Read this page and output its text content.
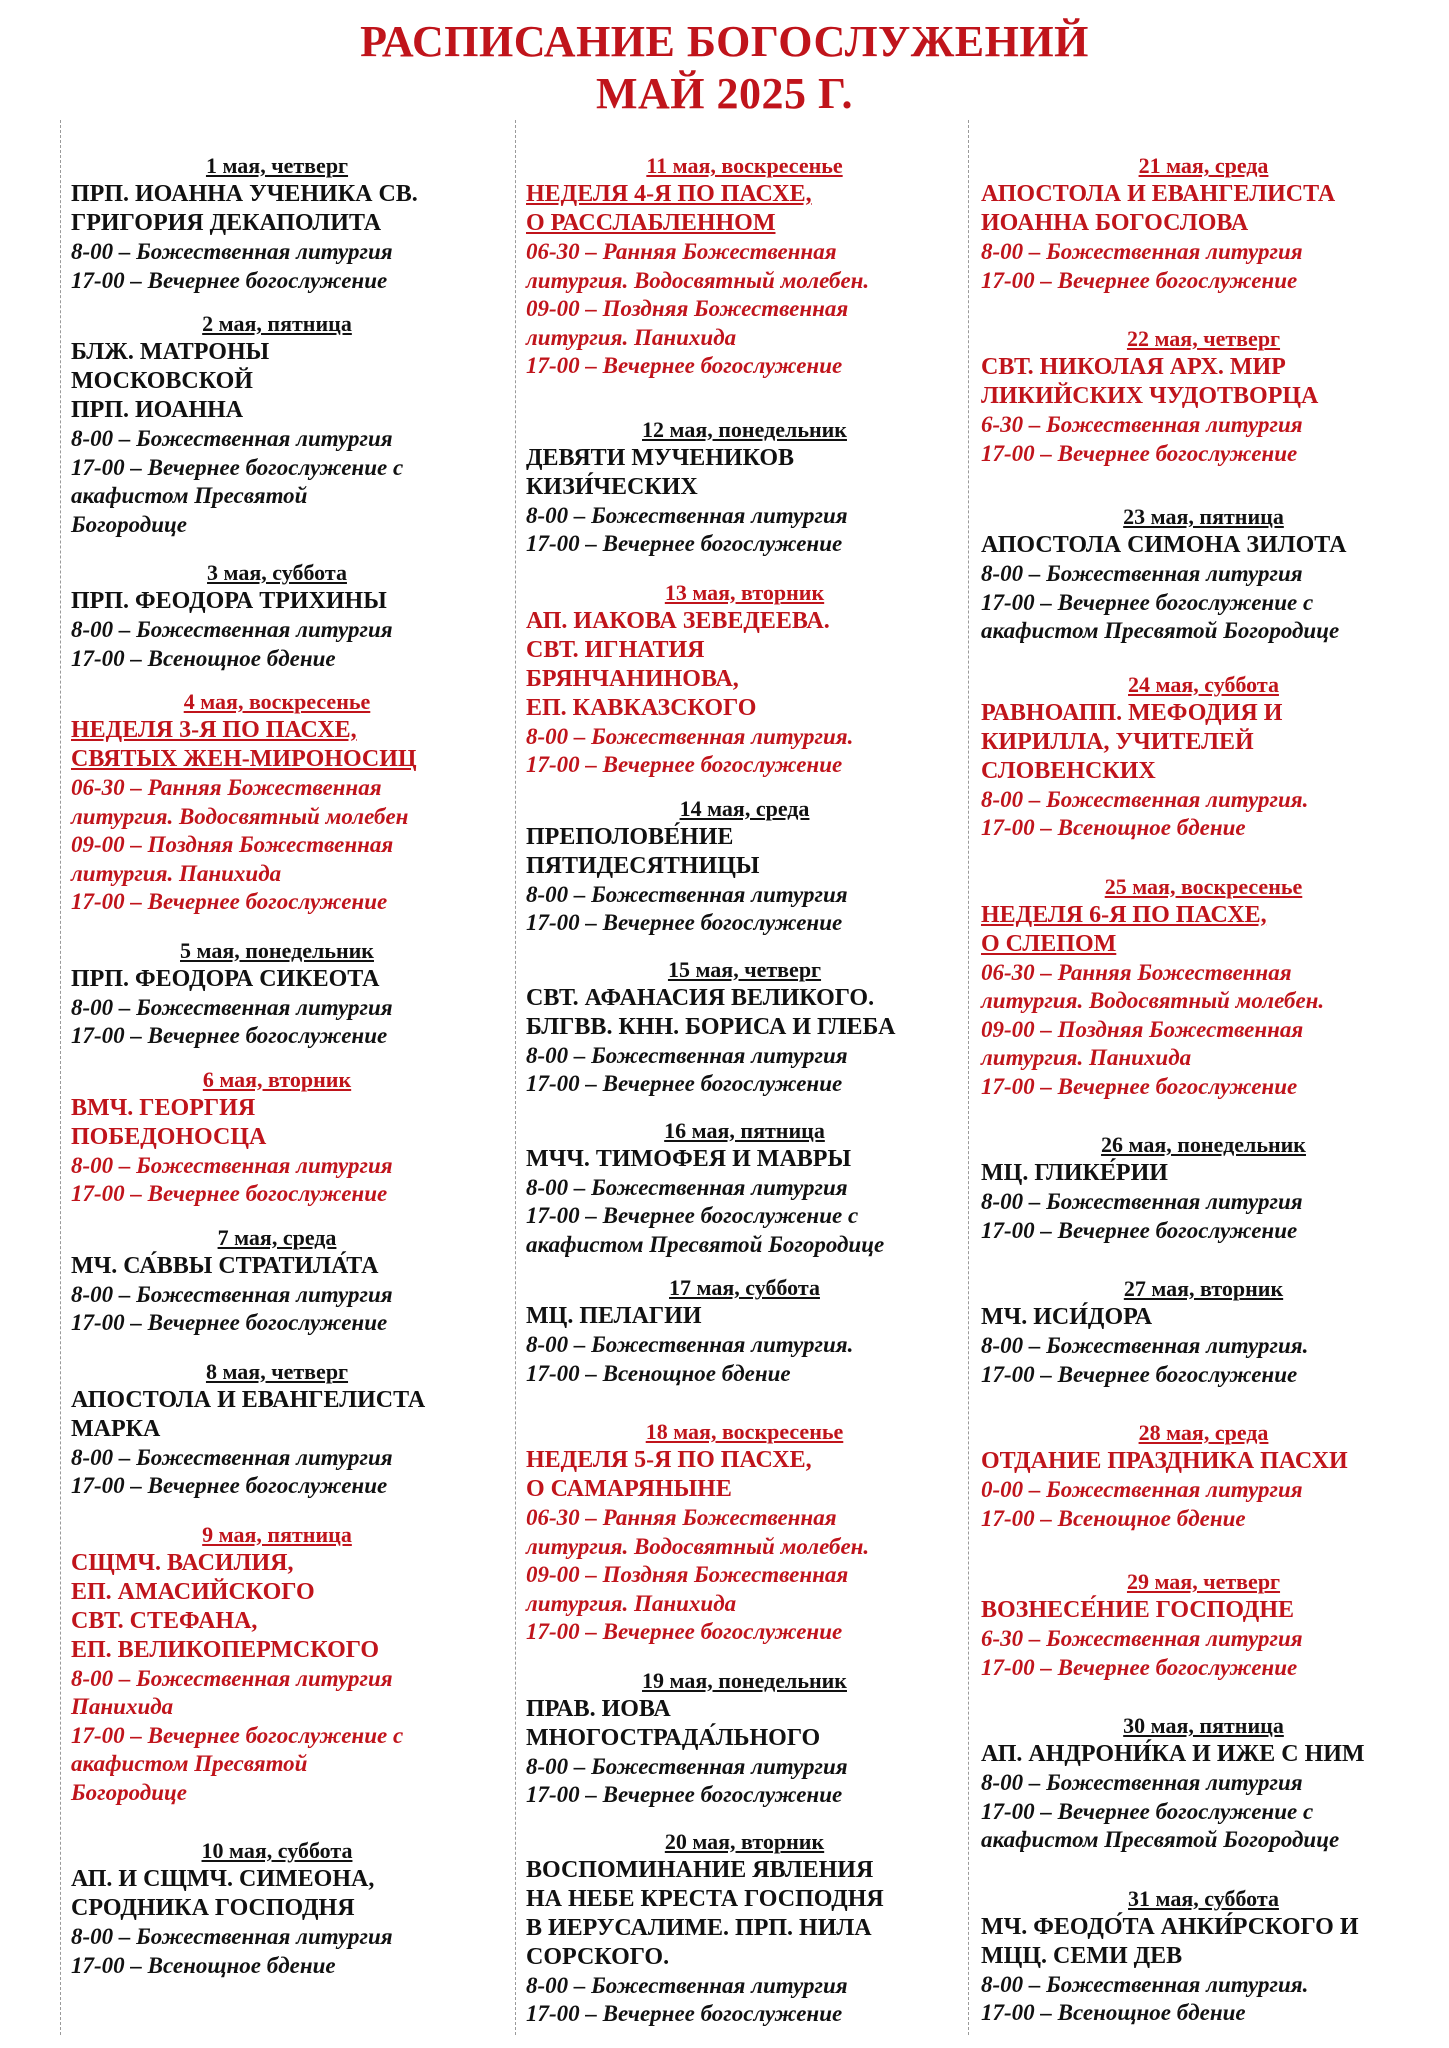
РАСПИСАНИЕ БОГОСЛУЖЕНИЙ
МАЙ 2025 Г.
1 мая, четверг
ПРП. ИОАННА УЧЕНИКА СВ.
ГРИГОРИЯ ДЕКАПОЛИТА
8-00 – Божественная литургия
17-00 – Вечернее богослужение
2 мая, пятница
БЛЖ. МАТРОНЫ
МОСКОВСКОЙ
ПРП. ИОАННА
8-00 – Божественная литургия
17-00 – Вечернее богослужение с
акафистом Пресвятой
Богородице
3 мая, суббота
ПРП. ФЕОДОРА ТРИХИНЫ
8-00 – Божественная литургия
17-00 – Всенощное бдение
4 мая, воскресенье
НЕДЕЛЯ 3-Я ПО ПАСХЕ,
СВЯТЫХ ЖЕН-МИРОНОСИЦ
06-30 – Ранняя Божественная
литургия. Водосвятный молебен
09-00 – Поздняя Божественная
литургия. Панихида
17-00 – Вечернее богослужение
5 мая, понедельник
ПРП. ФЕОДОРА СИКЕОТА
8-00 – Божественная литургия
17-00 – Вечернее богослужение
6 мая, вторник
ВМЧ. ГЕОРГИЯ
ПОБЕДОНОСЦА
8-00 – Божественная литургия
17-00 – Вечернее богослужение
7 мая, среда
МЧ. СА́ВВЫ СТРАТИЛА́ТА
8-00 – Божественная литургия
17-00 – Вечернее богослужение
8 мая, четверг
АПОСТОЛА И ЕВАНГЕЛИСТА
МАРКА
8-00 – Божественная литургия
17-00 – Вечернее богослужение
9 мая, пятница
СЩМЧ. ВАСИЛИЯ,
ЕП. АМАСИЙСКОГО
СВТ. СТЕФАНА,
ЕП. ВЕЛИКОПЕРМСКОГО
8-00 – Божественная литургия
Панихида
17-00 – Вечернее богослужение с
акафистом Пресвятой
Богородице
10 мая, суббота
АП. И СЩМЧ. СИМЕОНА,
СРОДНИКА ГОСПОДНЯ
8-00 – Божественная литургия
17-00 – Всенощное бдение
11 мая, воскресенье
НЕДЕЛЯ 4-Я ПО ПАСХЕ,
О РАССЛАБЛЕННОМ
06-30 – Ранняя Божественная
литургия. Водосвятный молебен.
09-00 – Поздняя Божественная
литургия. Панихида
17-00 – Вечернее богослужение
12 мая, понедельник
ДЕВЯТИ МУЧЕНИКОВ
КИЗИ́ЧЕСКИХ
8-00 – Божественная литургия
17-00 – Вечернее богослужение
13 мая, вторник
АП. ИАКОВА ЗЕВЕДЕЕВА.
СВТ. ИГНАТИЯ
БРЯНЧАНИНОВА,
ЕП. КАВКАЗСКОГО
8-00 – Божественная литургия.
17-00 – Вечернее богослужение
14 мая, среда
ПРЕПОЛОВЕ́НИЕ
ПЯТИДЕСЯТНИЦЫ
8-00 – Божественная литургия
17-00 – Вечернее богослужение
15 мая, четверг
СВТ. АФАНАСИЯ ВЕЛИКОГО.
БЛГВВ. КНН. БОРИСА И ГЛЕБА
8-00 – Божественная литургия
17-00 – Вечернее богослужение
16 мая, пятница
МЧЧ. ТИМОФЕЯ И МАВРЫ
8-00 – Божественная литургия
17-00 – Вечернее богослужение с
акафистом Пресвятой Богородице
17 мая, суббота
МЦ. ПЕЛАГИИ
8-00 – Божественная литургия.
17-00 – Всенощное бдение
18 мая, воскресенье
НЕДЕЛЯ 5-Я ПО ПАСХЕ,
О САМАРЯНЫНЕ
06-30 – Ранняя Божественная
литургия. Водосвятный молебен.
09-00 – Поздняя Божественная
литургия. Панихида
17-00 – Вечернее богослужение
19 мая, понедельник
ПРАВ. ИОВА
МНОГОСТРАДА́ЛЬНОГО
8-00 – Божественная литургия
17-00 – Вечернее богослужение
20 мая, вторник
ВОСПОМИНАНИЕ ЯВЛЕНИЯ
НА НЕБЕ КРЕСТА ГОСПОДНЯ
В ИЕРУСАЛИМЕ. ПРП. НИЛА
СОРСКОГО.
8-00 – Божественная литургия
17-00 – Вечернее богослужение
21 мая, среда
АПОСТОЛА И ЕВАНГЕЛИСТА
ИОАННА БОГОСЛОВА
8-00 – Божественная литургия
17-00 – Вечернее богослужение
22 мая, четверг
СВТ. НИКОЛАЯ АРХ. МИР
ЛИКИЙСКИХ ЧУДОТВОРЦА
6-30 – Божественная литургия
17-00 – Вечернее богослужение
23 мая, пятница
АПОСТОЛА СИМОНА ЗИЛОТА
8-00 – Божественная литургия
17-00 – Вечернее богослужение с
акафистом Пресвятой Богородице
24 мая, суббота
РАВНОАПП. МЕФОДИЯ И
КИРИЛЛА, УЧИТЕЛЕЙ
СЛОВЕНСКИХ
8-00 – Божественная литургия.
17-00 – Всенощное бдение
25 мая, воскресенье
НЕДЕЛЯ 6-Я ПО ПАСХЕ,
О СЛЕПОМ
06-30 – Ранняя Божественная
литургия. Водосвятный молебен.
09-00 – Поздняя Божественная
литургия. Панихида
17-00 – Вечернее богослужение
26 мая, понедельник
МЦ. ГЛИКЕ́РИИ
8-00 – Божественная литургия
17-00 – Вечернее богослужение
27 мая, вторник
МЧ. ИСИ́ДОРА
8-00 – Божественная литургия.
17-00 – Вечернее богослужение
28 мая, среда
ОТДАНИЕ ПРАЗДНИКА ПАСХИ
0-00 – Божественная литургия
17-00 – Всенощное бдение
29 мая, четверг
ВОЗНЕСЕ́НИЕ ГОСПОДНЕ
6-30 – Божественная литургия
17-00 – Вечернее богослужение
30 мая, пятница
АП. АНДРОНИ́КА И ИЖЕ С НИМ
8-00 – Божественная литургия
17-00 – Вечернее богослужение с
акафистом Пресвятой Богородице
31 мая, суббота
МЧ. ФЕОДО́ТА АНКИ́РСКОГО И
МЦЦ. СЕМИ ДЕВ
8-00 – Божественная литургия.
17-00 – Всенощное бдение
